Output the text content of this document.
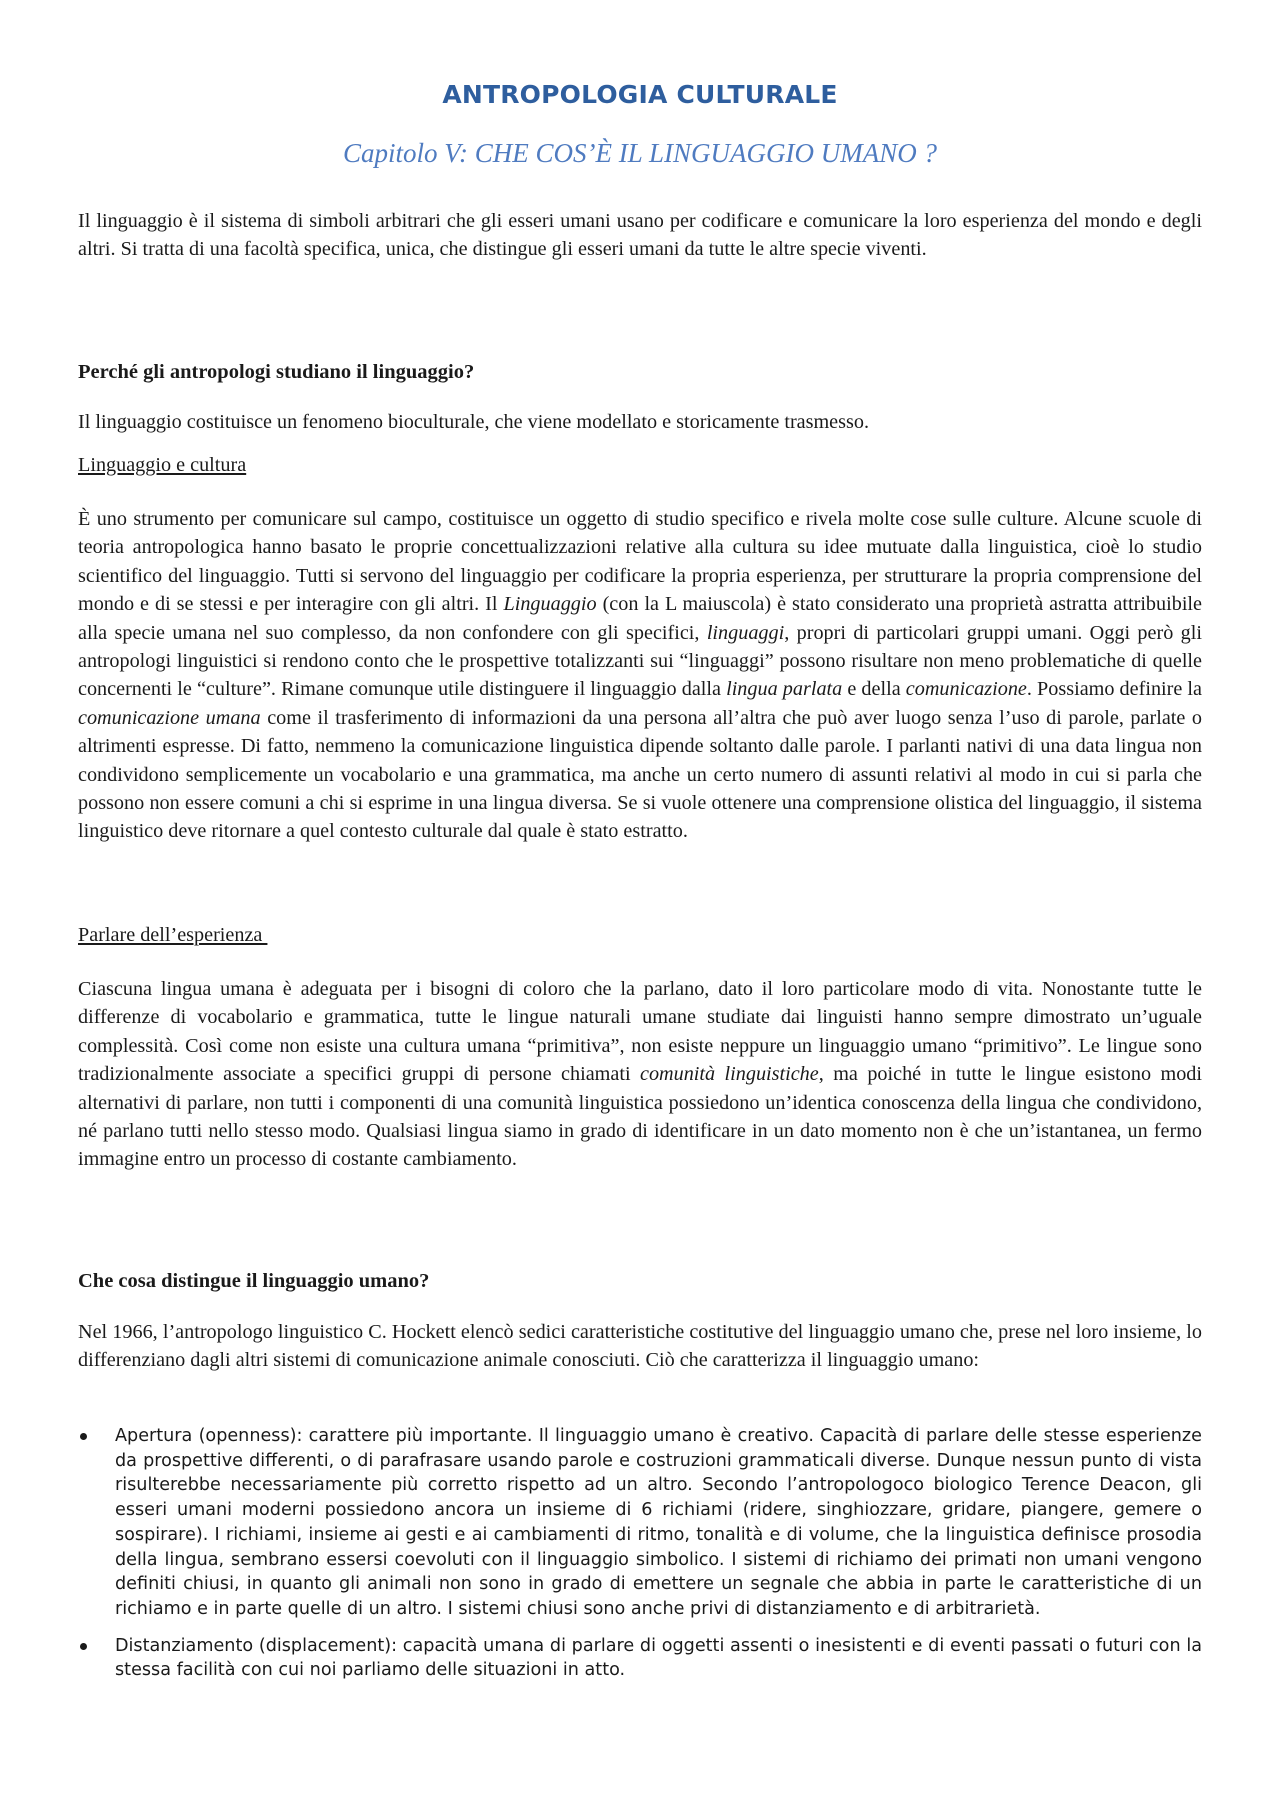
ANTROPOLOGIA CULTURALE
Capitolo V: CHE COS’È IL LINGUAGGIO UMANO ?
Il linguaggio è il sistema di simboli arbitrari che gli esseri umani usano per codificare e comunicare la loro esperienza del mondo e degli altri. Si tratta di una facoltà specifica, unica, che distingue gli esseri umani da tutte le altre specie viventi.
Perché gli antropologi studiano il linguaggio?
Il linguaggio costituisce un fenomeno bioculturale, che viene modellato e storicamente trasmesso.
Linguaggio e cultura
È uno strumento per comunicare sul campo, costituisce un oggetto di studio specifico e rivela molte cose sulle culture. Alcune scuole di teoria antropologica hanno basato le proprie concettualizzazioni relative alla cultura su idee mutuate dalla linguistica, cioè lo studio scientifico del linguaggio. Tutti si servono del linguaggio per codificare la propria esperienza, per strutturare la propria comprensione del mondo e di se stessi e per interagire con gli altri. Il Linguaggio (con la L maiuscola) è stato considerato una proprietà astratta attribuibile alla specie umana nel suo complesso, da non confondere con gli specifici, linguaggi, propri di particolari gruppi umani. Oggi però gli antropologi linguistici si rendono conto che le prospettive totalizzanti sui “linguaggi” possono risultare non meno problematiche di quelle concernenti le “culture”. Rimane comunque utile distinguere il linguaggio dalla lingua parlata e della comunicazione. Possiamo definire la comunicazione umana come il trasferimento di informazioni da una persona all’altra che può aver luogo senza l’uso di parole, parlate o altrimenti espresse. Di fatto, nemmeno la comunicazione linguistica dipende soltanto dalle parole. I parlanti nativi di una data lingua non condividono semplicemente un vocabolario e una grammatica, ma anche un certo numero di assunti relativi al modo in cui si parla che possono non essere comuni a chi si esprime in una lingua diversa. Se si vuole ottenere una comprensione olistica del linguaggio, il sistema linguistico deve ritornare a quel contesto culturale dal quale è stato estratto.
Parlare dell’esperienza
Ciascuna lingua umana è adeguata per i bisogni di coloro che la parlano, dato il loro particolare modo di vita. Nonostante tutte le differenze di vocabolario e grammatica, tutte le lingue naturali umane studiate dai linguisti hanno sempre dimostrato un’uguale complessità. Così come non esiste una cultura umana “primitiva”, non esiste neppure un linguaggio umano “primitivo”. Le lingue sono tradizionalmente associate a specifici gruppi di persone chiamati comunità linguistiche, ma poiché in tutte le lingue esistono modi alternativi di parlare, non tutti i componenti di una comunità linguistica possiedono un’identica conoscenza della lingua che condividono, né parlano tutti nello stesso modo. Qualsiasi lingua siamo in grado di identificare in un dato momento non è che un’istantanea, un fermo immagine entro un processo di costante cambiamento.
Che cosa distingue il linguaggio umano?
Nel 1966, l’antropologo linguistico C. Hockett elencò sedici caratteristiche costitutive del linguaggio umano che, prese nel loro insieme, lo differenziano dagli altri sistemi di comunicazione animale conosciuti. Ciò che caratterizza il linguaggio umano:
Apertura (openness): carattere più importante. Il linguaggio umano è creativo. Capacità di parlare delle stesse esperienze da prospettive differenti, o di parafrasare usando parole e costruzioni grammaticali diverse. Dunque nessun punto di vista risulterebbe necessariamente più corretto rispetto ad un altro. Secondo l’antropologoco biologico Terence Deacon, gli esseri umani moderni possiedono ancora un insieme di 6 richiami (ridere, singhiozzare, gridare, piangere, gemere o sospirare). I richiami, insieme ai gesti e ai cambiamenti di ritmo, tonalità e di volume, che la linguistica definisce prosodia della lingua, sembrano essersi coevoluti con il linguaggio simbolico. I sistemi di richiamo dei primati non umani vengono definiti chiusi, in quanto gli animali non sono in grado di emettere un segnale che abbia in parte le caratteristiche di un richiamo e in parte quelle di un altro. I sistemi chiusi sono anche privi di distanziamento e di arbitrarietà.
Distanziamento (displacement): capacità umana di parlare di oggetti assenti o inesistenti e di eventi passati o futuri con la stessa facilità con cui noi parliamo delle situazioni in atto.
